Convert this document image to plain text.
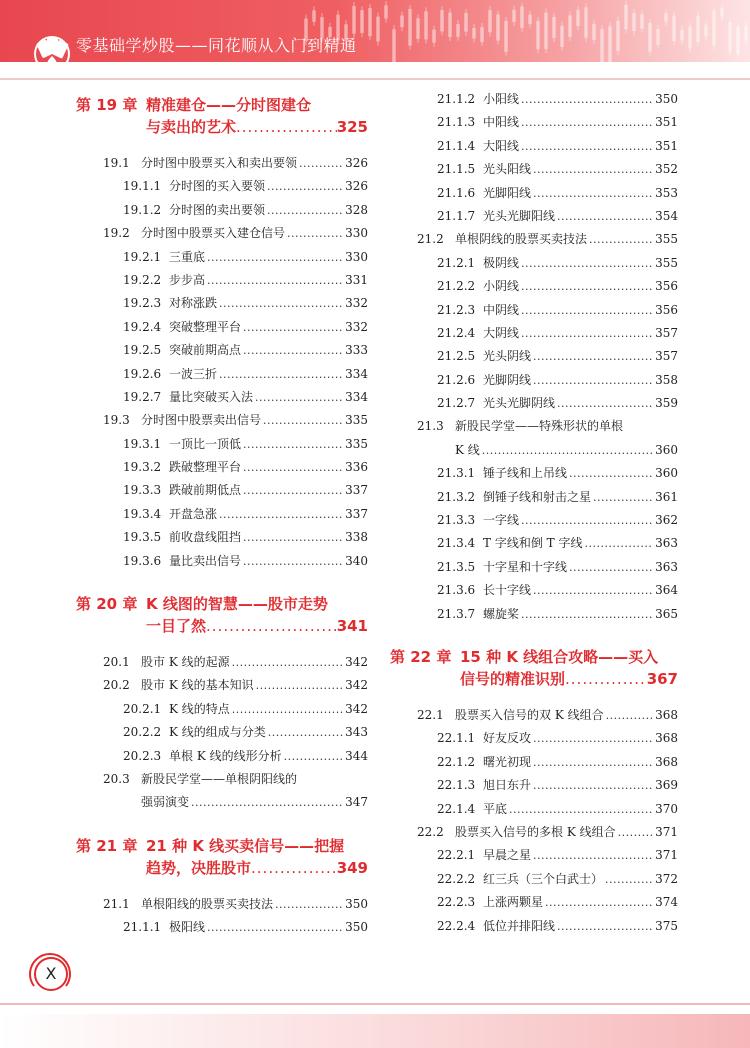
零基础学炒股——同花顺从入门到精通
第 19 章 精准建仓——分时图建仓
与卖出的艺术 .....	325
19.1 分时图中股票买入和卖出要领 .....	326
19.1.1 分时图的买入要领 .....	326
19.1.2 分时图的卖出要领 .....	328
19.2 分时图中股票买入建仓信号 .....	330
19.2.1 三重底 .....	330
19.2.2 步步高 .....	331
19.2.3 对称涨跌 .....	332
19.2.4 突破整理平台 .....	332
19.2.5 突破前期高点 .....	333
19.2.6 一波三折 .....	334
19.2.7 量比突破买入法 .....	334
19.3 分时图中股票卖出信号 .....	335
19.3.1 一顶比一顶低 .....	335
19.3.2 跌破整理平台 .....	336
19.3.3 跌破前期低点 .....	337
19.3.4 开盘急涨 .....	337
19.3.5 前收盘线阻挡 .....	338
19.3.6 量比卖出信号 .....	340
第 20 章 K 线图的智慧——股市走势
一目了然 .....	341
20.1 股市 K 线的起源 .....	342
20.2 股市 K 线的基本知识 .....	342
20.2.1 K 线的特点 .....	342
20.2.2 K 线的组成与分类 .....	343
20.2.3 单根 K 线的线形分析 .....	344
20.3 新股民学堂——单根阴阳线的
强弱演变 .....	347
第 21 章 21 种 K 线买卖信号——把握
趋势，决胜股市 .....	349
21.1 单根阳线的股票买卖技法 .....	350
21.1.1 极阳线 .....	350
21.1.2 小阳线 .....	350
21.1.3 中阳线 .....	351
21.1.4 大阳线 .....	351
21.1.5 光头阳线 .....	352
21.1.6 光脚阳线 .....	353
21.1.7 光头光脚阳线 .....	354
21.2 单根阴线的股票买卖技法 .....	355
21.2.1 极阴线 .....	355
21.2.2 小阴线 .....	356
21.2.3 中阴线 .....	356
21.2.4 大阴线 .....	357
21.2.5 光头阴线 .....	357
21.2.6 光脚阴线 .....	358
21.2.7 光头光脚阴线 .....	359
21.3 新股民学堂——特殊形状的单根
K 线 .....	360
21.3.1 锤子线和上吊线 .....	360
21.3.2 倒锤子线和射击之星 .....	361
21.3.3 一字线 .....	362
21.3.4 T 字线和倒 T 字线 .....	363
21.3.5 十字星和十字线 .....	363
21.3.6 长十字线 .....	364
21.3.7 螺旋桨 .....	365
第 22 章 15 种 K 线组合攻略——买入
信号的精准识别 .....	367
22.1 股票买入信号的双 K 线组合 .....	368
22.1.1 好友反攻 .....	368
22.1.2 曙光初现 .....	368
22.1.3 旭日东升 .....	369
22.1.4 平底 .....	370
22.2 股票买入信号的多根 K 线组合 .....	371
22.2.1 早晨之星 .....	371
22.2.2 红三兵（三个白武士） .....	372
22.2.3 上涨两颗星 .....	374
22.2.4 低位并排阳线 .....	375
X
